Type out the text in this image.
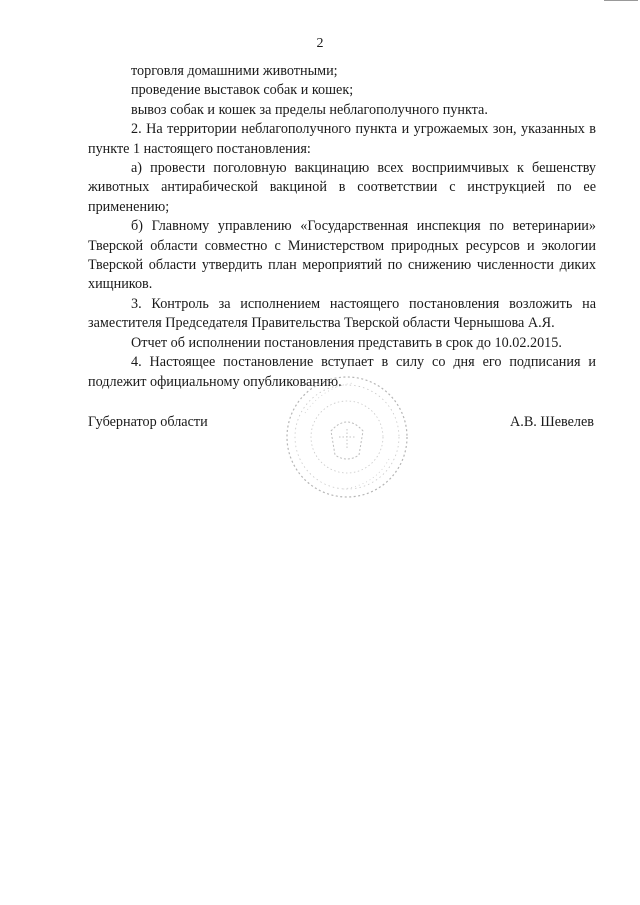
2

торговля домашними животными;

проведение выставок собак и кошек;

вывоз собак и кошек за пределы неблагополучного пункта.

2. На территории неблагополучного пункта и угрожаемых зон, указанных в пункте 1 настоящего постановления:

а) провести поголовную вакцинацию всех восприимчивых к бешенству животных антирабической вакциной в соответствии с инструкцией по ее применению;

б) Главному управлению «Государственная инспекция по ветеринарии» Тверской области совместно с Министерством природных ресурсов и экологии Тверской области утвердить план мероприятий по снижению численности диких хищников.

3. Контроль за исполнением настоящего постановления возложить на заместителя Председателя Правительства Тверской области Чернышова А.Я.

Отчет об исполнении постановления представить в срок до 10.02.2015.

4. Настоящее постановление вступает в силу со дня его подписания и подлежит официальному опубликованию.

Губернатор области	А.В. Шевелев
